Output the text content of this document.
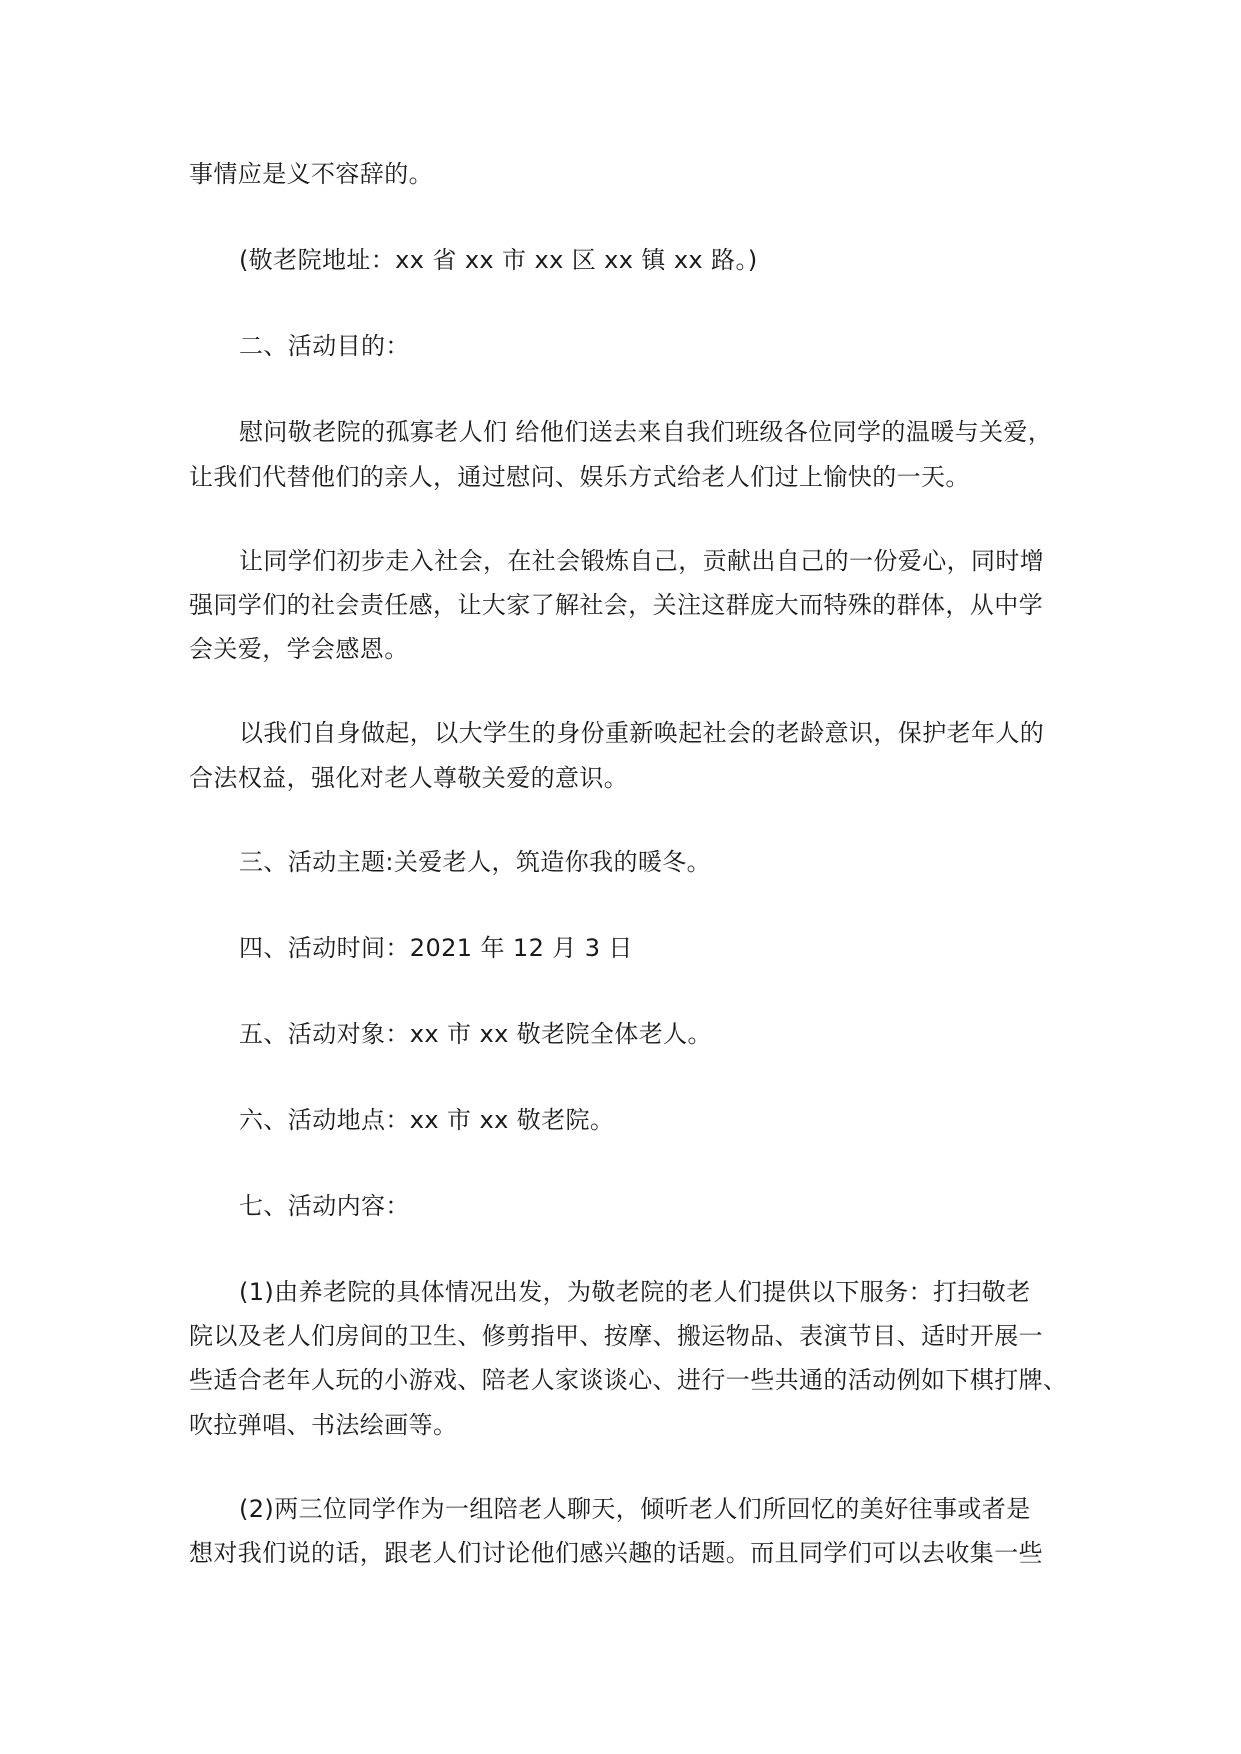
事情应是义不容辞的。
(敬老院地址：xx 省 xx 市 xx 区 xx 镇 xx 路。)
二、活动目的：
慰问敬老院的孤寡老人们 给他们送去来自我们班级各位同学的温暖与关爱，
让我们代替他们的亲人，通过慰问、娱乐方式给老人们过上愉快的一天。
让同学们初步走入社会，在社会锻炼自己，贡献出自己的一份爱心，同时增
强同学们的社会责任感，让大家了解社会，关注这群庞大而特殊的群体，从中学
会关爱，学会感恩。
以我们自身做起，以大学生的身份重新唤起社会的老龄意识，保护老年人的
合法权益，强化对老人尊敬关爱的意识。
三、活动主题:关爱老人，筑造你我的暖冬。
四、活动时间：2021 年 12 月 3 日
五、活动对象：xx 市 xx 敬老院全体老人。
六、活动地点：xx 市 xx 敬老院。
七、活动内容：
(1)由养老院的具体情况出发，为敬老院的老人们提供以下服务：打扫敬老
院以及老人们房间的卫生、修剪指甲、按摩、搬运物品、表演节目、适时开展一
些适合老年人玩的小游戏、陪老人家谈谈心、进行一些共通的活动例如下棋打牌、
吹拉弹唱、书法绘画等。
(2)两三位同学作为一组陪老人聊天，倾听老人们所回忆的美好往事或者是
想对我们说的话，跟老人们讨论他们感兴趣的话题。而且同学们可以去收集一些
